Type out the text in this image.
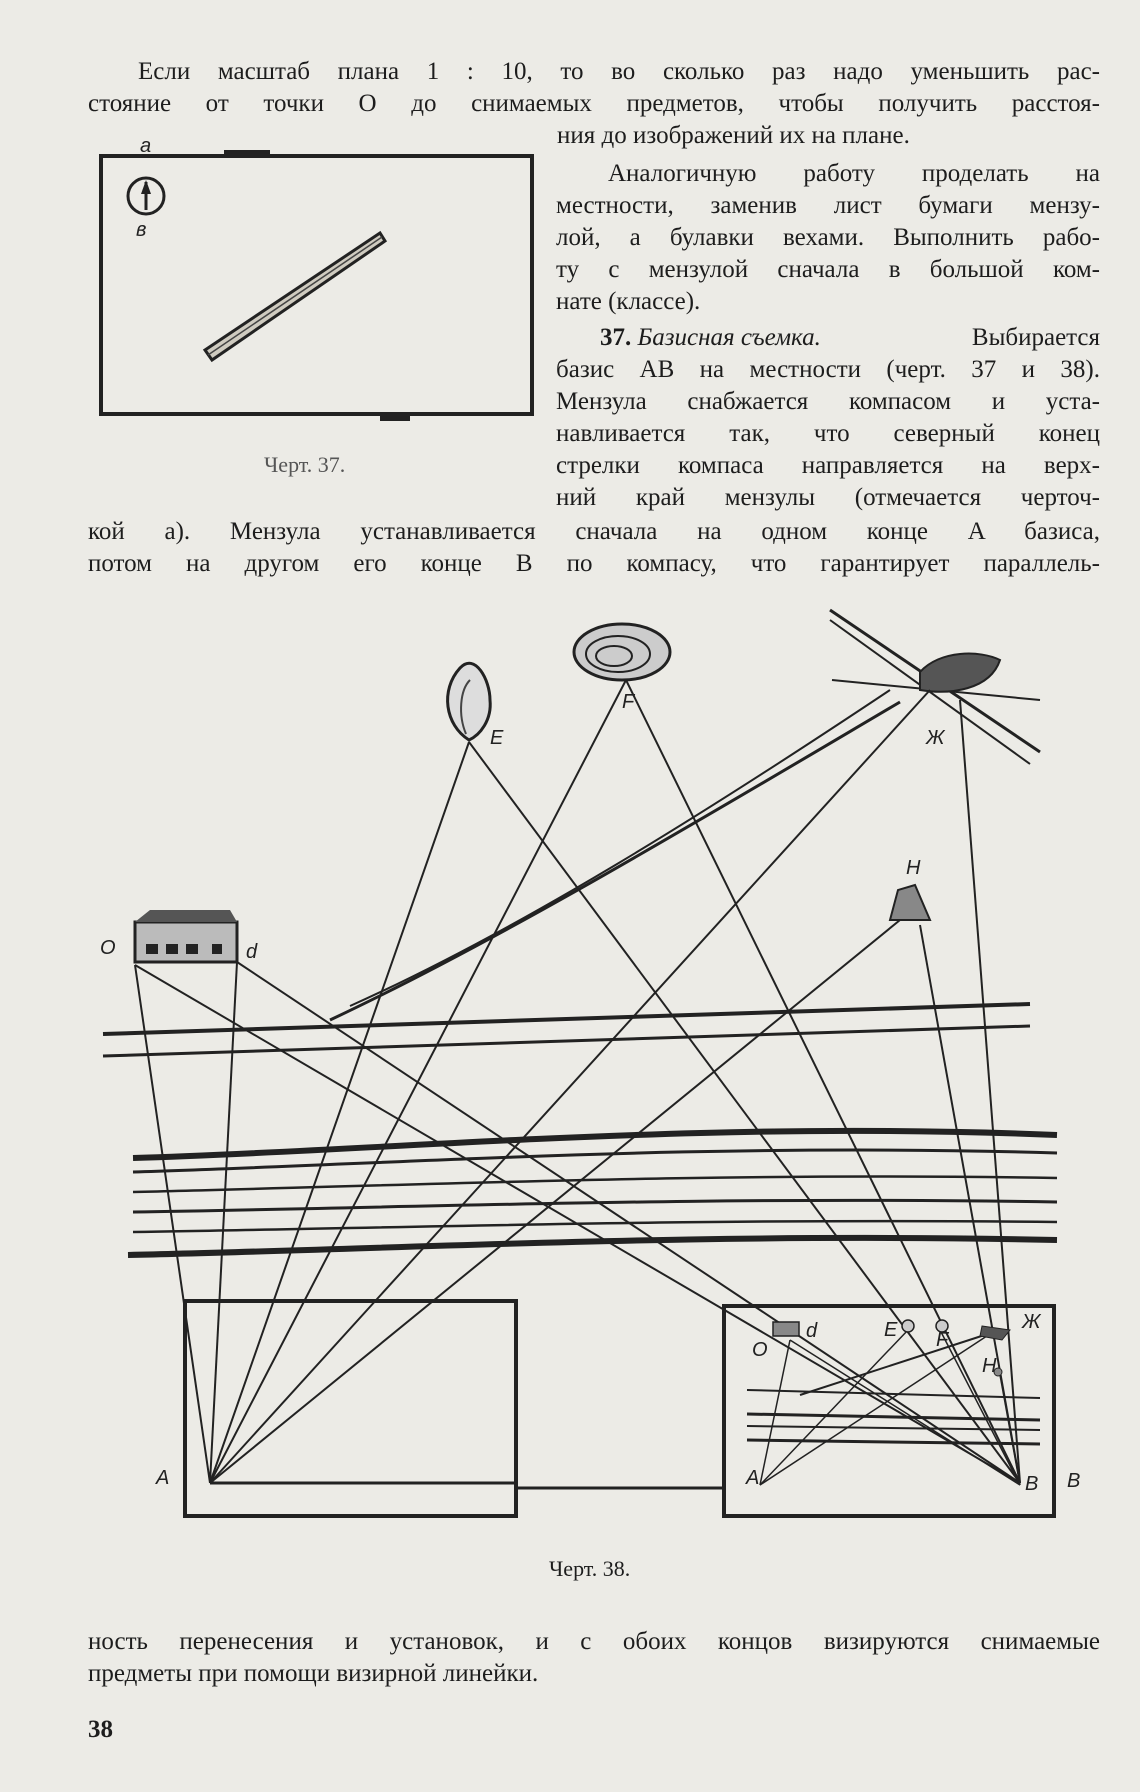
Если масштаб плана 1 : 10, то во сколько раз надо уменьшить рас-
стояние от точки О до снимаемых предметов, чтобы получить расстоя-
ния до изображений их на плане.
Аналогичную работу проделать на
местности, заменив лист бумаги мензу-
лой, а булавки вехами. Выполнить рабо-
ту с мензулой сначала в большой ком-
нате (классе).
37. Базисная съемка.	Выбирается
базис AB на местности (черт. 37 и 38).
Мензула снабжается компасом и уста-
навливается так, что северный конец
стрелки компаса направляется на верх-
ний край мензулы (отмечается черточ-
кой a). Мензула устанавливается сначала на одном конце A базиса,
потом на другом его конце B по компасу, что гарантирует параллель-
a
в
Черт. 37.
O	d
E
F
Ж
H
A	B
O
d	E F
Ж
H
A	B
Черт. 38.
ность перенесения и установок, и с обоих концов визируются снимаемые
предметы при помощи визирной линейки.
38
